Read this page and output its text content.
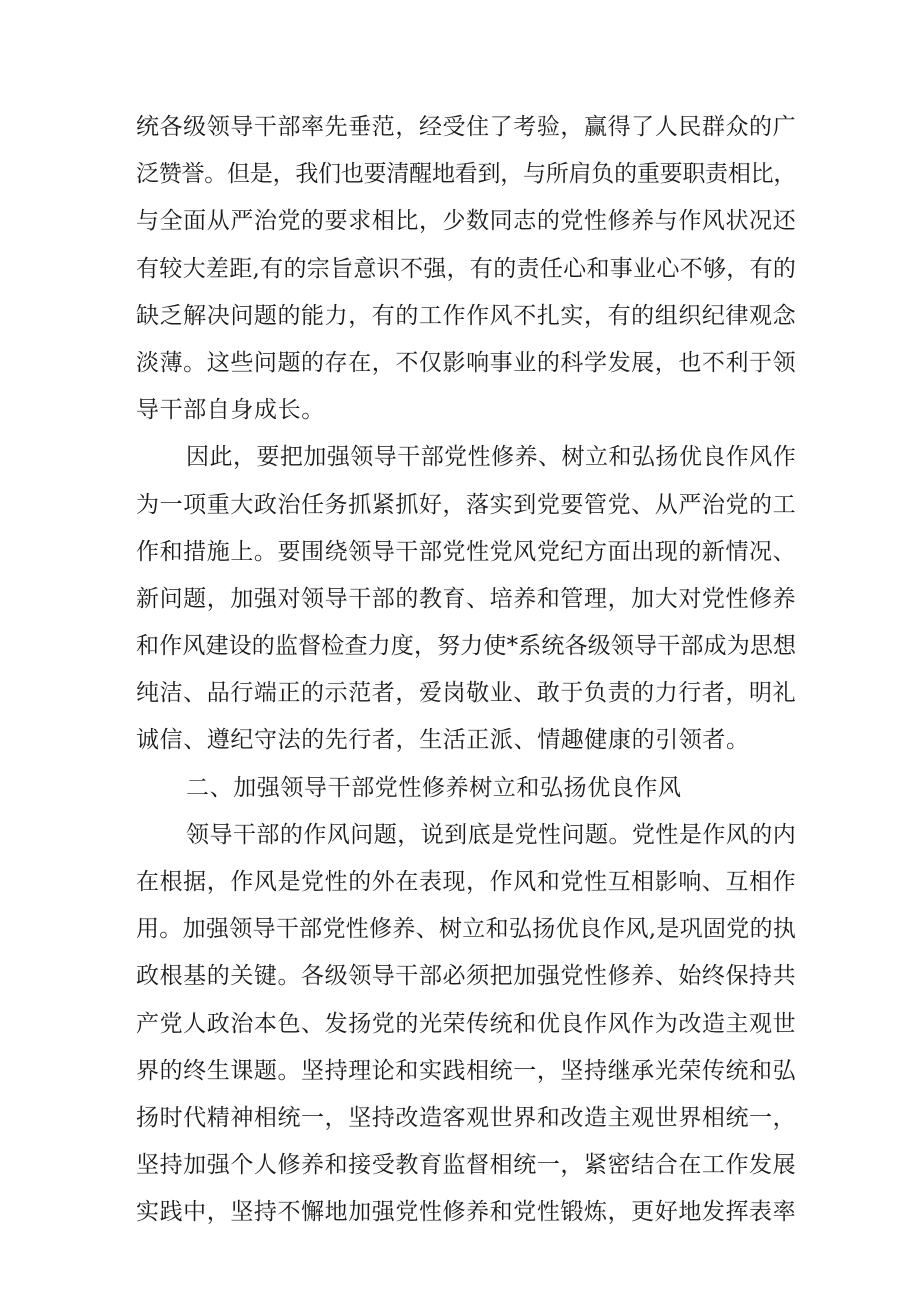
统各级领导干部率先垂范，经受住了考验，赢得了人民群众的广
泛赞誉。但是，我们也要清醒地看到，与所肩负的重要职责相比，
与全面从严治党的要求相比，少数同志的党性修养与作风状况还
有较大差距,有的宗旨意识不强，有的责任心和事业心不够，有的
缺乏解决问题的能力，有的工作作风不扎实，有的组织纪律观念
淡薄。这些问题的存在，不仅影响事业的科学发展，也不利于领
导干部自身成长。
因此，要把加强领导干部党性修养、树立和弘扬优良作风作
为一项重大政治任务抓紧抓好，落实到党要管党、从严治党的工
作和措施上。要围绕领导干部党性党风党纪方面出现的新情况、
新问题，加强对领导干部的教育、培养和管理，加大对党性修养
和作风建设的监督检查力度，努力使*系统各级领导干部成为思想
纯洁、品行端正的示范者，爱岗敬业、敢于负责的力行者，明礼
诚信、遵纪守法的先行者，生活正派、情趣健康的引领者。
二、加强领导干部党性修养树立和弘扬优良作风
领导干部的作风问题，说到底是党性问题。党性是作风的内
在根据，作风是党性的外在表现，作风和党性互相影响、互相作
用。加强领导干部党性修养、树立和弘扬优良作风,是巩固党的执
政根基的关键。各级领导干部必须把加强党性修养、始终保持共
产党人政治本色、发扬党的光荣传统和优良作风作为改造主观世
界的终生课题。坚持理论和实践相统一，坚持继承光荣传统和弘
扬时代精神相统一，坚持改造客观世界和改造主观世界相统一，
坚持加强个人修养和接受教育监督相统一，紧密结合在工作发展
实践中，坚持不懈地加强党性修养和党性锻炼，更好地发挥表率
